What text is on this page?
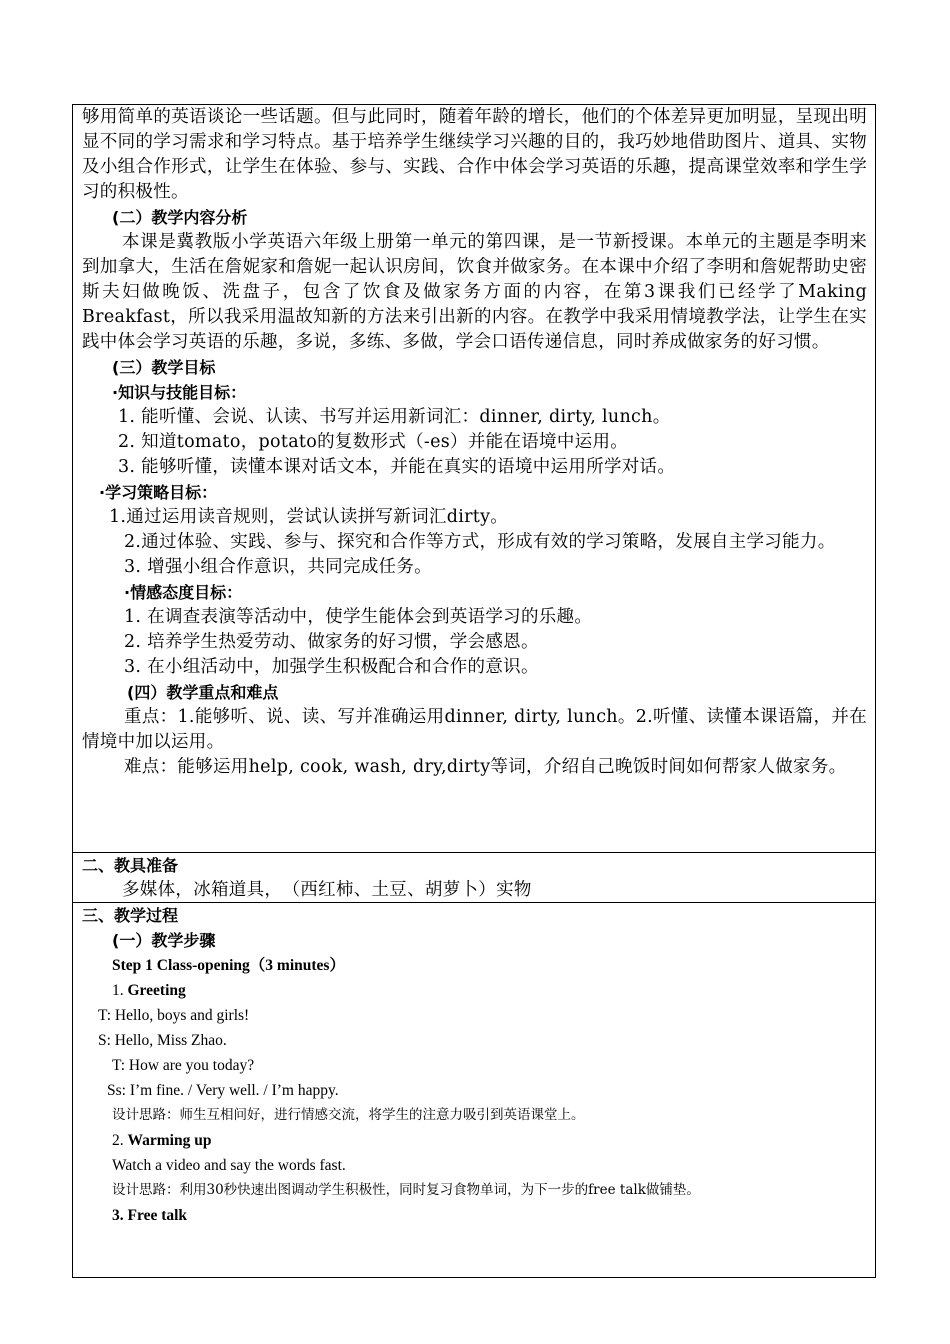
够用简单的英语谈论一些话题。但与此同时，随着年龄的增长，他们的个体差异更加明显，呈现出明显不同的学习需求和学习特点。基于培养学生继续学习兴趣的目的，我巧妙地借助图片、道具、实物及小组合作形式，让学生在体验、参与、实践、合作中体会学习英语的乐趣，提高课堂效率和学生学习的积极性。

(二）教学内容分析

本课是冀教版小学英语六年级上册第一单元的第四课，是一节新授课。本单元的主题是李明来到加拿大，生活在詹妮家和詹妮一起认识房间，饮食并做家务。在本课中介绍了李明和詹妮帮助史密斯夫妇做晚饭、洗盘子，包含了饮食及做家务方面的内容，在第3课我们已经学了Making Breakfast，所以我采用温故知新的方法来引出新的内容。在教学中我采用情境教学法，让学生在实践中体会学习英语的乐趣，多说，多练、多做，学会口语传递信息，同时养成做家务的好习惯。

(三）教学目标

·知识与技能目标：

1. 能听懂、会说、认读、书写并运用新词汇：dinner, dirty, lunch。

2. 知道tomato，potato的复数形式（-es）并能在语境中运用。

3. 能够听懂，读懂本课对话文本，并能在真实的语境中运用所学对话。

·学习策略目标：

1.通过运用读音规则，尝试认读拼写新词汇dirty。

2.通过体验、实践、参与、探究和合作等方式，形成有效的学习策略，发展自主学习能力。

3. 增强小组合作意识，共同完成任务。

·情感态度目标：

1. 在调查表演等活动中，使学生能体会到英语学习的乐趣。

2. 培养学生热爱劳动、做家务的好习惯，学会感恩。

3. 在小组活动中，加强学生积极配合和合作的意识。

(四）教学重点和难点

重点：1.能够听、说、读、写并准确运用dinner, dirty, lunch。2.听懂、读懂本课语篇，并在情境中加以运用。

难点：能够运用help, cook, wash, dry,dirty等词，介绍自己晚饭时间如何帮家人做家务。

二、教具准备

多媒体，冰箱道具，　（西红柿、土豆、胡萝卜）实物

三、教学过程

(一）教学步骤

Step 1 Class-opening（3 minutes）

1. Greeting

T: Hello, boys and girls!

S: Hello, Miss Zhao.

T: How are you today?

Ss: I’m fine. / Very well. / I’m happy.

设计思路：师生互相问好，进行情感交流，将学生的注意力吸引到英语课堂上。

2. Warming up

Watch a video and say the words fast.

设计思路：利用30秒快速出图调动学生积极性，同时复习食物单词，为下一步的free talk做铺垫。

3. Free talk
